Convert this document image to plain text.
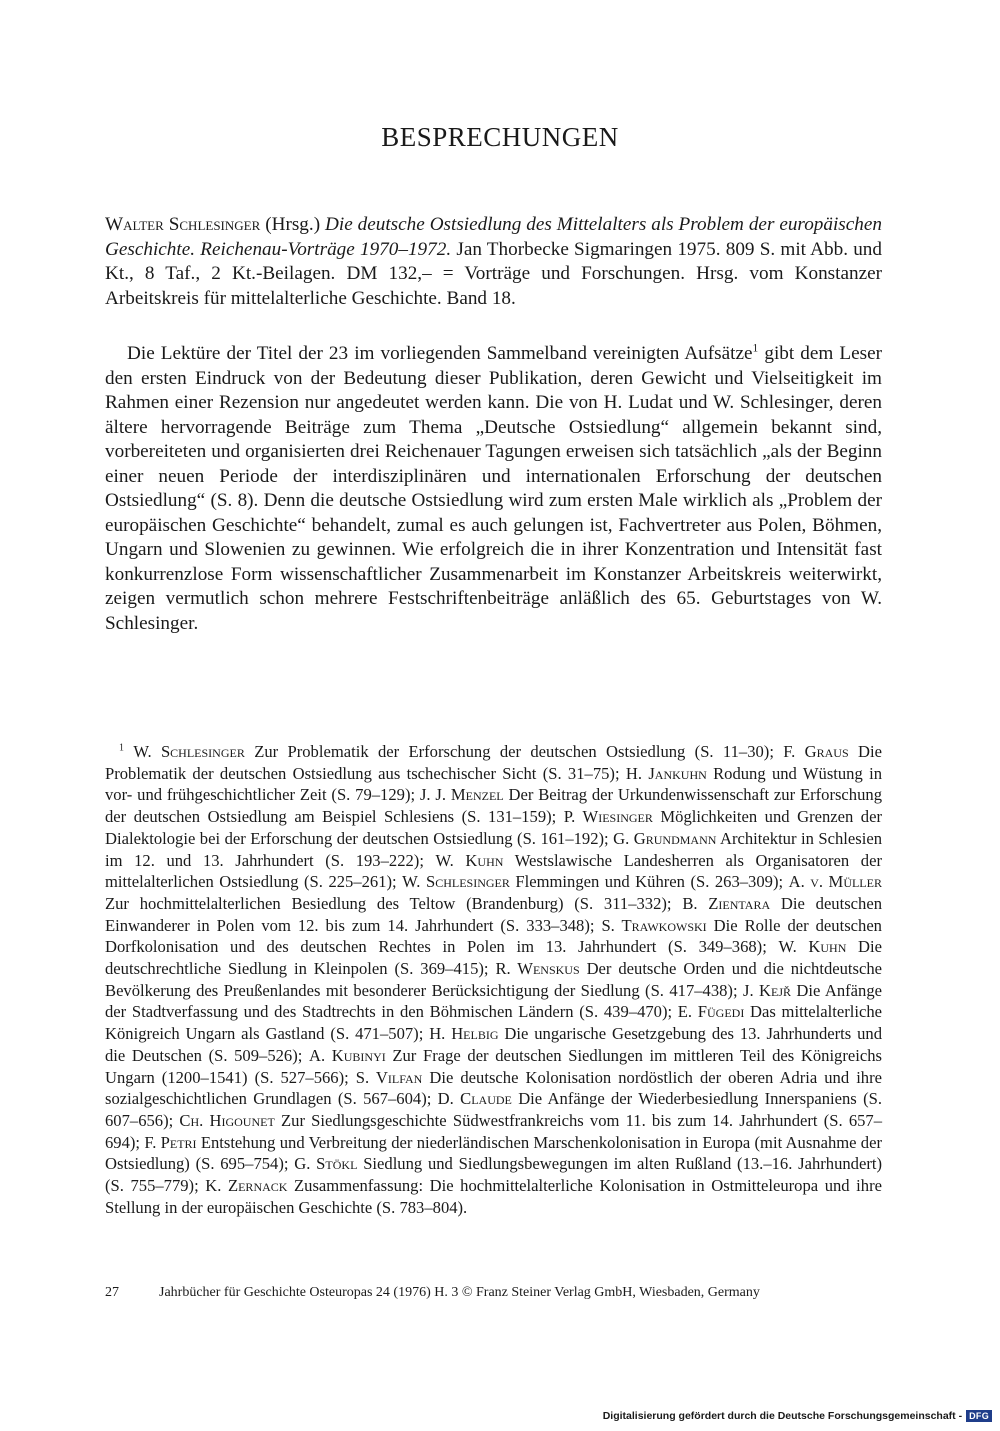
BESPRECHUNGEN

Walter Schlesinger (Hrsg.) Die deutsche Ostsiedlung des Mittelalters als Problem der europäischen Geschichte. Reichenau-Vorträge 1970–1972. Jan Thorbecke Sigmaringen 1975. 809 S. mit Abb. und Kt., 8 Taf., 2 Kt.-Beilagen. DM 132,– = Vorträge und Forschungen. Hrsg. vom Konstanzer Arbeitskreis für mittelalterliche Geschichte. Band 18.

Die Lektüre der Titel der 23 im vorliegenden Sammelband vereinigten Aufsätze$^1$ gibt dem Leser den ersten Eindruck von der Bedeutung dieser Publikation, deren Gewicht und Vielseitigkeit im Rahmen einer Rezension nur angedeutet werden kann. Die von H. Ludat und W. Schlesinger, deren ältere hervorragende Beiträge zum Thema „Deutsche Ostsiedlung“ allgemein bekannt sind, vorbereiteten und organisierten drei Reichenauer Tagungen erweisen sich tatsächlich „als der Beginn einer neuen Periode der interdisziplinären und internationalen Erforschung der deutschen Ostsiedlung“ (S. 8). Denn die deutsche Ostsiedlung wird zum ersten Male wirklich als „Problem der europäischen Geschichte“ behandelt, zumal es auch gelungen ist, Fachvertreter aus Polen, Böhmen, Ungarn und Slowenien zu gewinnen. Wie erfolgreich die in ihrer Konzentration und Intensität fast konkurrenzlose Form wissenschaftlicher Zusammenarbeit im Konstanzer Arbeitskreis weiterwirkt, zeigen vermutlich schon mehrere Festschriftenbeiträge anläßlich des 65. Geburtstages von W. Schlesinger.

$^1$ W. Schlesinger Zur Problematik der Erforschung der deutschen Ostsiedlung (S. 11–30); F. Graus Die Problematik der deutschen Ostsiedlung aus tschechischer Sicht (S. 31–75); H. Jankuhn Rodung und Wüstung in vor- und frühgeschichtlicher Zeit (S. 79–129); J. J. Menzel Der Beitrag der Urkundenwissenschaft zur Erforschung der deutschen Ostsiedlung am Beispiel Schlesiens (S. 131–159); P. Wiesinger Möglichkeiten und Grenzen der Dialektologie bei der Erforschung der deutschen Ostsiedlung (S. 161–192); G. Grundmann Architektur in Schlesien im 12. und 13. Jahrhundert (S. 193–222); W. Kuhn Westslawische Landesherren als Organisatoren der mittelalterlichen Ostsiedlung (S. 225–261); W. Schlesinger Flemmingen und Kühren (S. 263–309); A. v. Müller Zur hochmittelalterlichen Besiedlung des Teltow (Brandenburg) (S. 311–332); B. Zientara Die deutschen Einwanderer in Polen vom 12. bis zum 14. Jahrhundert (S. 333–348); S. Trawkowski Die Rolle der deutschen Dorfkolonisation und des deutschen Rechtes in Polen im 13. Jahrhundert (S. 349–368); W. Kuhn Die deutschrechtliche Siedlung in Kleinpolen (S. 369–415); R. Wenskus Der deutsche Orden und die nichtdeutsche Bevölkerung des Preußenlandes mit besonderer Berücksichtigung der Siedlung (S. 417–438); J. Kejř Die Anfänge der Stadtverfassung und des Stadtrechts in den Böhmischen Ländern (S. 439–470); E. Fügedi Das mittelalterliche Königreich Ungarn als Gastland (S. 471–507); H. Helbig Die ungarische Gesetzgebung des 13. Jahrhunderts und die Deutschen (S. 509–526); A. Kubinyi Zur Frage der deutschen Siedlungen im mittleren Teil des Königreichs Ungarn (1200–1541) (S. 527–566); S. Vilfan Die deutsche Kolonisation nordöstlich der oberen Adria und ihre sozialgeschichtlichen Grundlagen (S. 567–604); D. Claude Die Anfänge der Wiederbesiedlung Innerspaniens (S. 607–656); Ch. Higounet Zur Siedlungsgeschichte Südwestfrankreichs vom 11. bis zum 14. Jahrhundert (S. 657–694); F. Petri Entstehung und Verbreitung der niederländischen Marschenkolonisation in Europa (mit Ausnahme der Ostsiedlung) (S. 695–754); G. Stökl Siedlung und Siedlungsbewegungen im alten Rußland (13.–16. Jahrhundert) (S. 755–779); K. Zernack Zusammenfassung: Die hochmittelalterliche Kolonisation in Ostmitteleuropa und ihre Stellung in der europäischen Geschichte (S. 783–804).

27	Jahrbücher für Geschichte Osteuropas 24 (1976) H. 3 © Franz Steiner Verlag GmbH, Wiesbaden, Germany

Digitalisierung gefördert durch die Deutsche Forschungsgemeinschaft - DFG
